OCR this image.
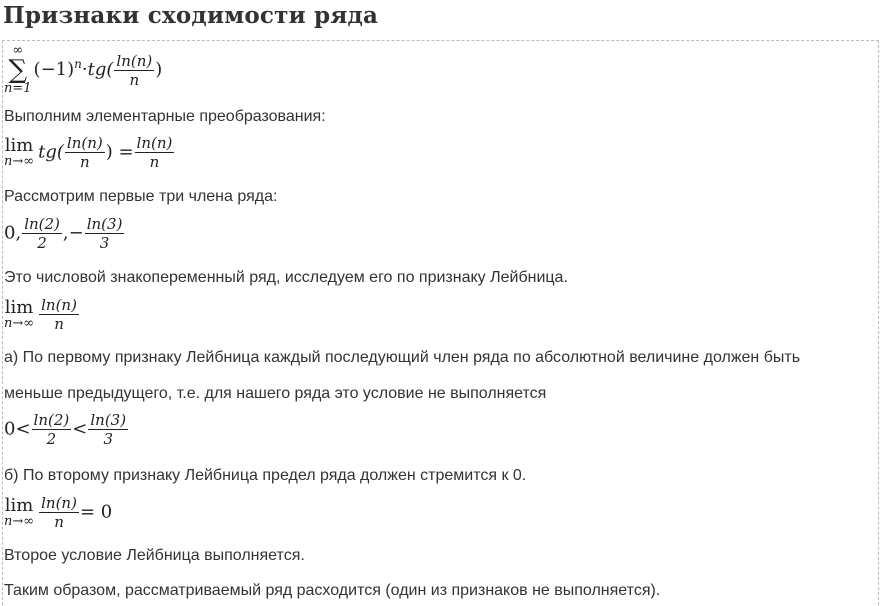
Признаки сходимости ряда
∞
∑
n=1
$(-1)^n\cdot tg( \frac{\ln(n)}{n}$ )
Выполним элементарные преобразования:
lim
n→∞ $tg( \frac{\ln(n)}{n}$ ) = $\frac{\ln(n)}{n}$
Рассмотрим первые три члена ряда:
0, $\frac{\ln(2)}{2}$ ,− $\frac{\ln(3)}{3}$
Это числовой знакопеременный ряд, исследуем его по признаку Лейбница.
lim
$n\to\infty \frac{\ln(n)}{n}$
а) По первому признаку Лейбница каждый последующий член ряда по абсолютной величине должен быть
меньше предыдущего, т.е. для нашего ряда это условие не выполняется
$0< \frac{\ln(2)}{2} < \frac{\ln(3)}{3}$
б) По второму признаку Лейбница предел ряда должен стремится к 0.
lim
$n\to\infty \frac{\ln(n)}{n} = 0$
Второе условие Лейбница выполняется.
Таким образом, рассматриваемый ряд расходится (один из признаков не выполняется).
